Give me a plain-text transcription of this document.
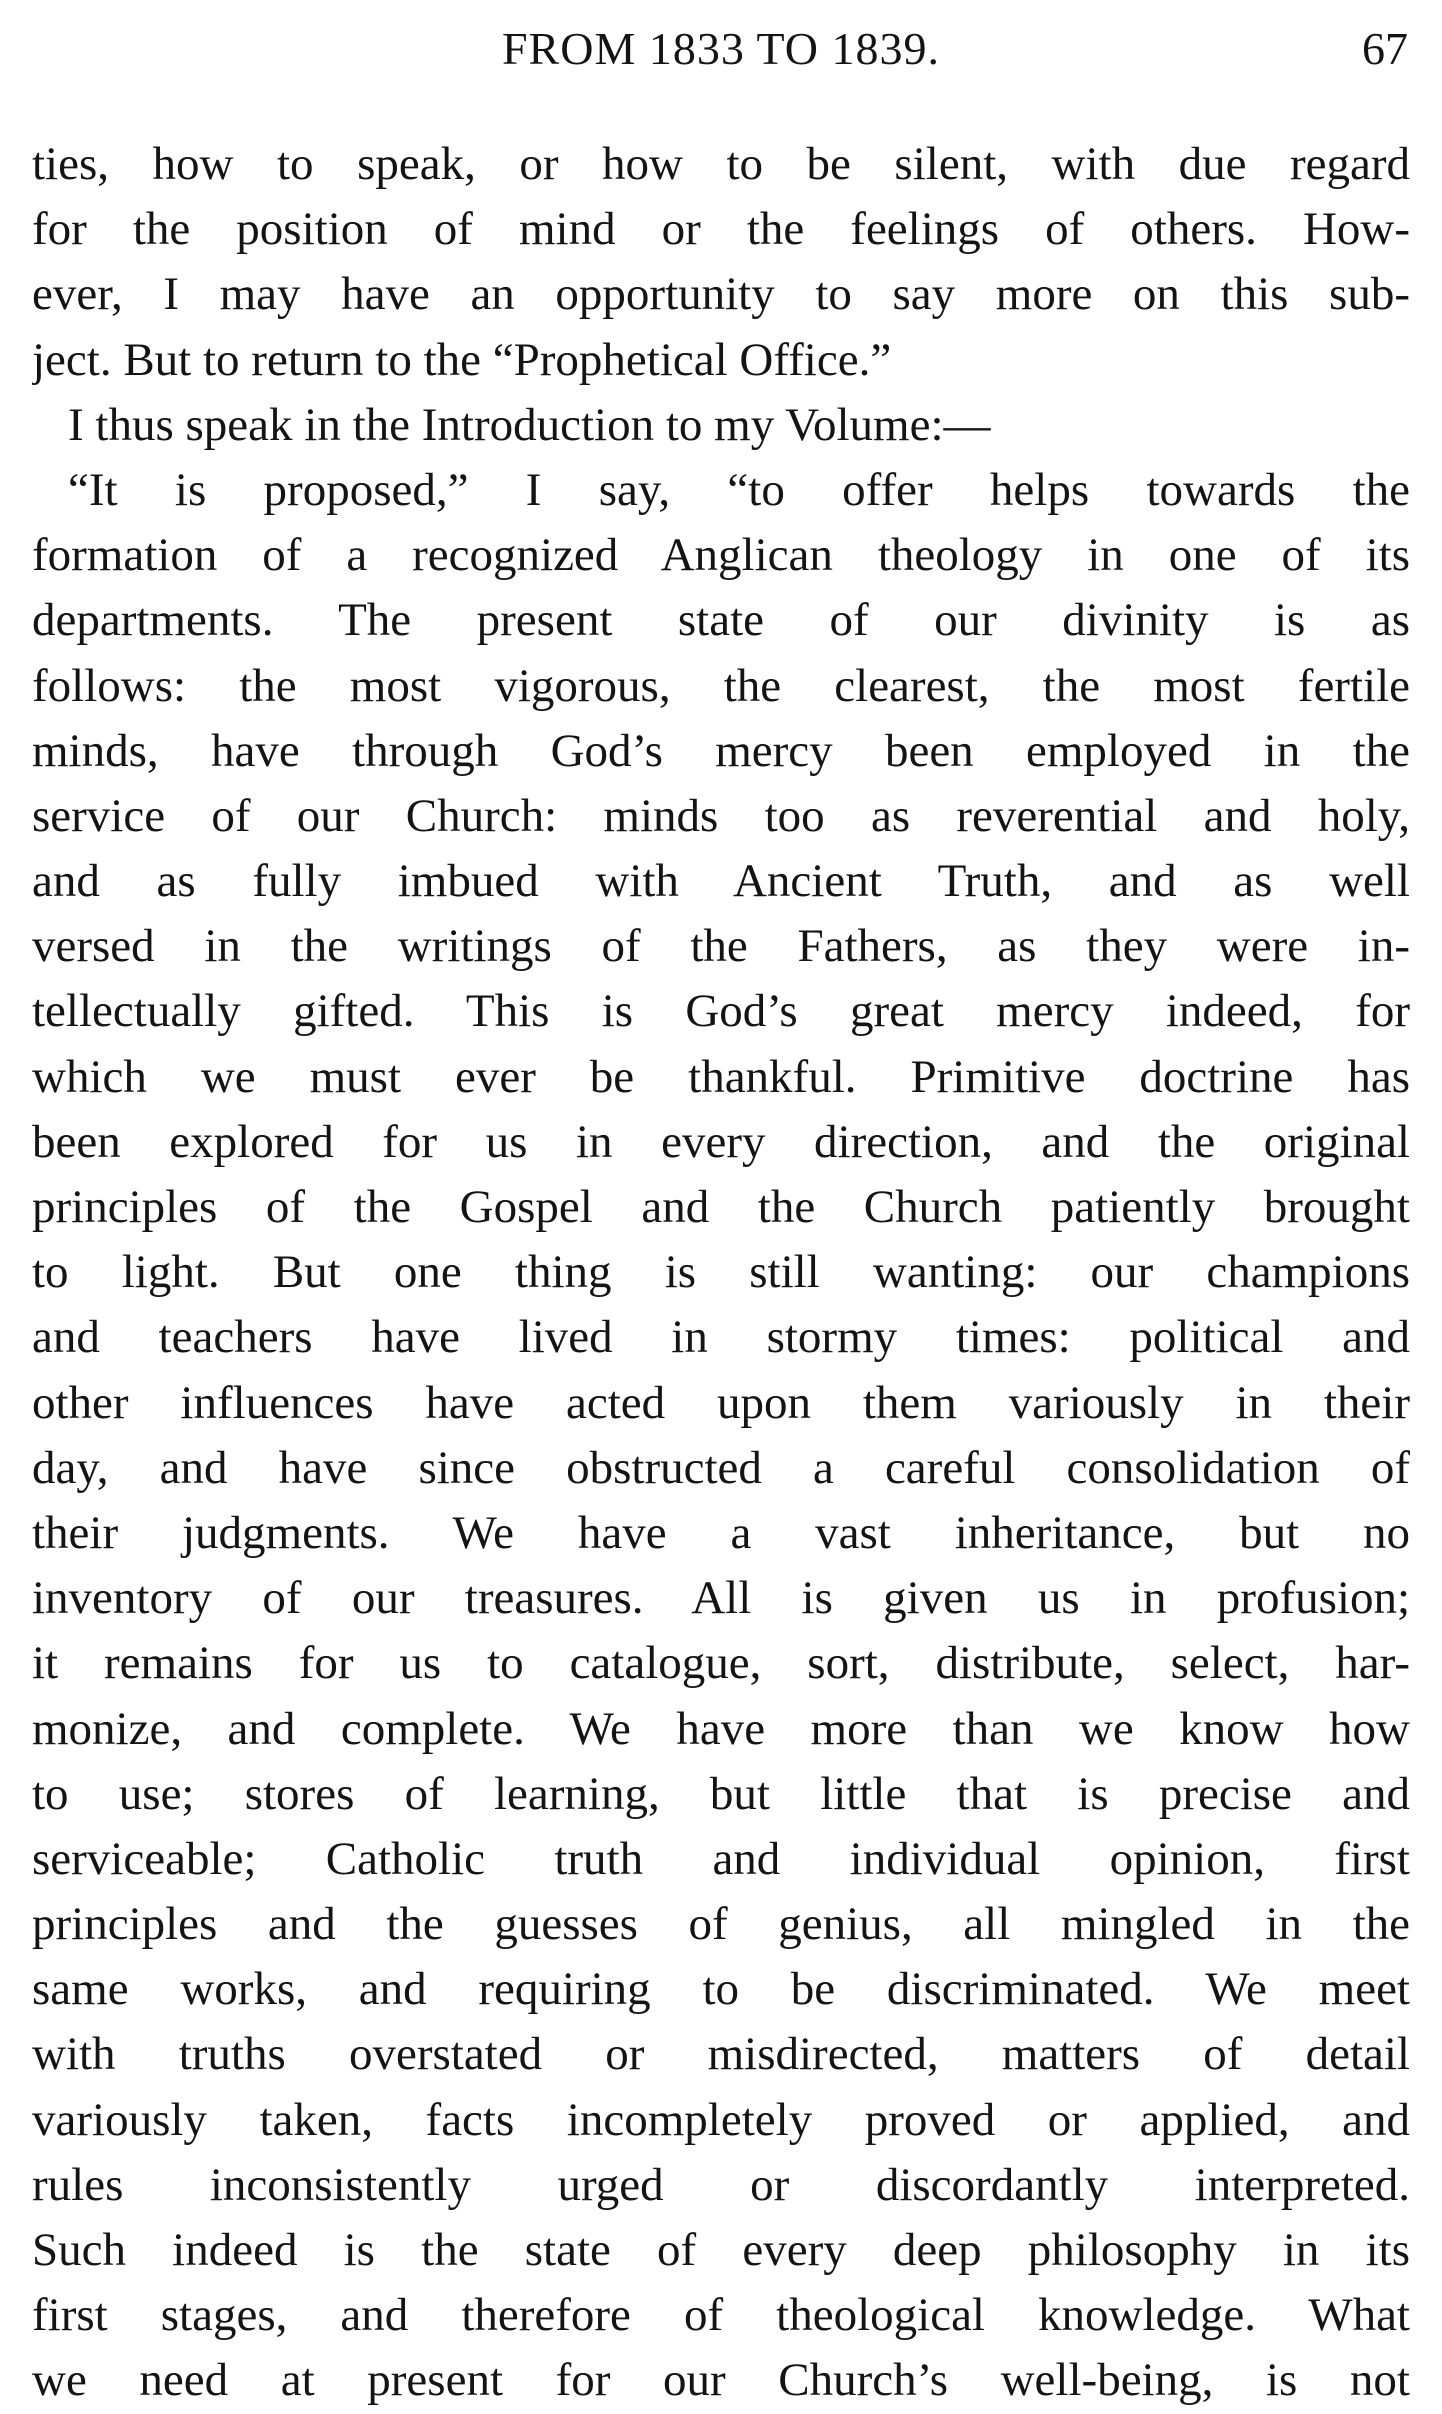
FROM 1833 TO 1839.	67
ties, how to speak, or how to be silent, with due regard
for the position of mind or the feelings of others. How-
ever, I may have an opportunity to say more on this sub-
ject. But to return to the “Prophetical Office.”
I thus speak in the Introduction to my Volume:—
“It is proposed,” I say, “to offer helps towards the
formation of a recognized Anglican theology in one of its
departments. The present state of our divinity is as
follows: the most vigorous, the clearest, the most fertile
minds, have through God’s mercy been employed in the
service of our Church: minds too as reverential and holy,
and as fully imbued with Ancient Truth, and as well
versed in the writings of the Fathers, as they were in-
tellectually gifted. This is God’s great mercy indeed, for
which we must ever be thankful. Primitive doctrine has
been explored for us in every direction, and the original
principles of the Gospel and the Church patiently brought
to light. But one thing is still wanting: our champions
and teachers have lived in stormy times: political and
other influences have acted upon them variously in their
day, and have since obstructed a careful consolidation of
their judgments. We have a vast inheritance, but no
inventory of our treasures. All is given us in profusion;
it remains for us to catalogue, sort, distribute, select, har-
monize, and complete. We have more than we know how
to use; stores of learning, but little that is precise and
serviceable; Catholic truth and individual opinion, first
principles and the guesses of genius, all mingled in the
same works, and requiring to be discriminated. We meet
with truths overstated or misdirected, matters of detail
variously taken, facts incompletely proved or applied, and
rules inconsistently urged or discordantly interpreted.
Such indeed is the state of every deep philosophy in its
first stages, and therefore of theological knowledge. What
we need at present for our Church’s well-being, is not
